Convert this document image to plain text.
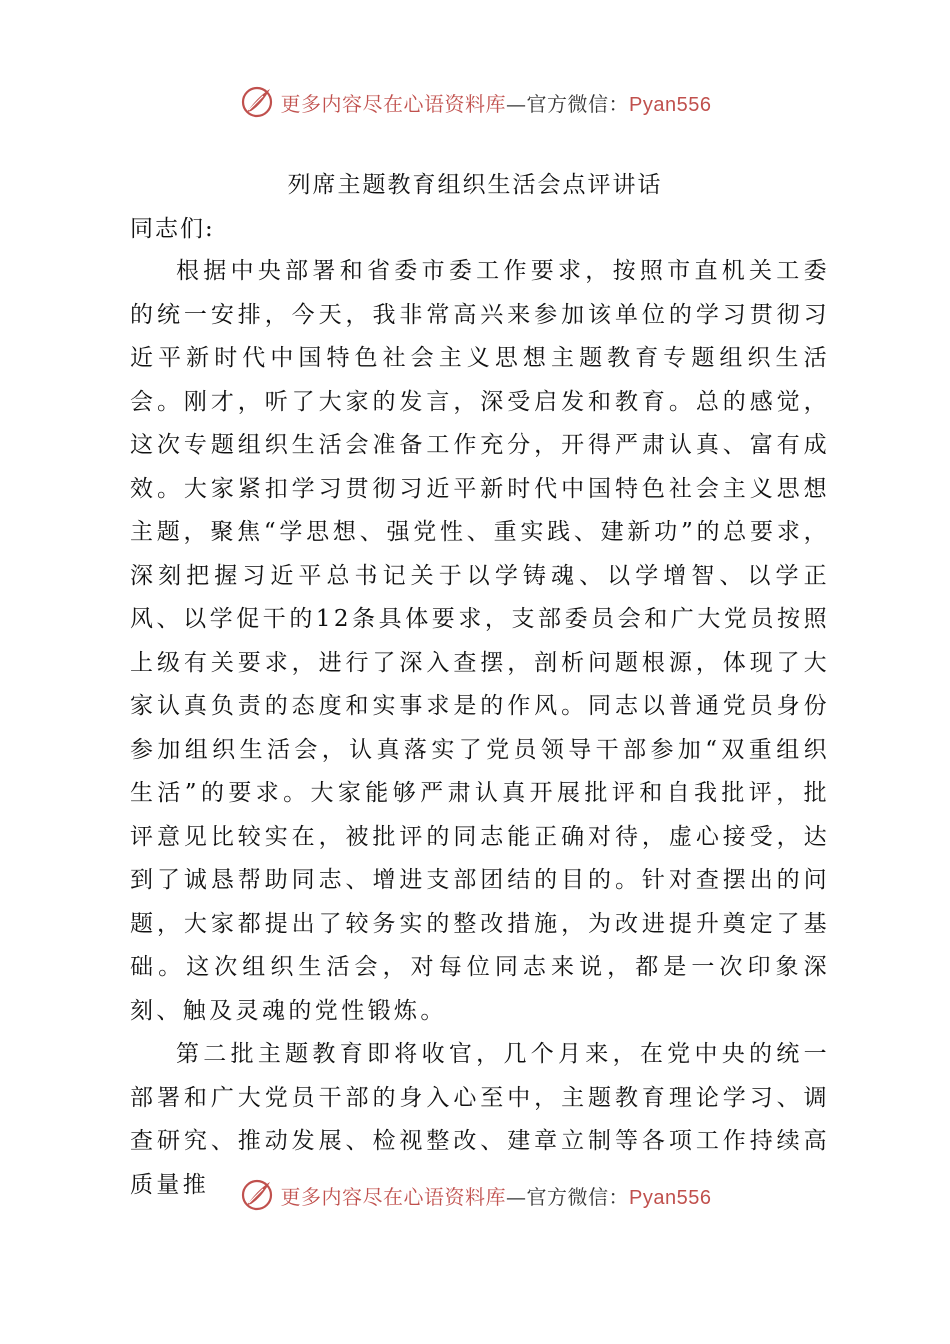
更多内容尽在心语资料库—官方微信：Pyan556
列席主题教育组织生活会点评讲话
同志们:

根据中央部署和省委市委工作要求，按照市直机关工委的统一安排，今天，我非常高兴来参加该单位的学习贯彻习近平新时代中国特色社会主义思想主题教育专题组织生活会。刚才，听了大家的发言，深受启发和教育。总的感觉，这次专题组织生活会准备工作充分，开得严肃认真、富有成效。大家紧扣学习贯彻习近平新时代中国特色社会主义思想主题，聚焦“学思想、强党性、重实践、建新功”的总要求，深刻把握习近平总书记关于以学铸魂、以学增智、以学正风、以学促干的12条具体要求，支部委员会和广大党员按照上级有关要求，进行了深入查摆，剖析问题根源，体现了大家认真负责的态度和实事求是的作风。同志以普通党员身份参加组织生活会，认真落实了党员领导干部参加“双重组织生活”的要求。大家能够严肃认真开展批评和自我批评，批评意见比较实在，被批评的同志能正确对待，虚心接受，达到了诚恳帮助同志、增进支部团结的目的。针对查摆出的问题，大家都提出了较务实的整改措施，为改进提升奠定了基础。这次组织生活会，对每位同志来说，都是一次印象深刻、触及灵魂的党性锻炼。

第二批主题教育即将收官，几个月来，在党中央的统一部署和广大党员干部的身入心至中，主题教育理论学习、调查研究、推动发展、检视整改、建章立制等各项工作持续高质量推	更多内容尽在心语资料库—官方微信：Pyan556
